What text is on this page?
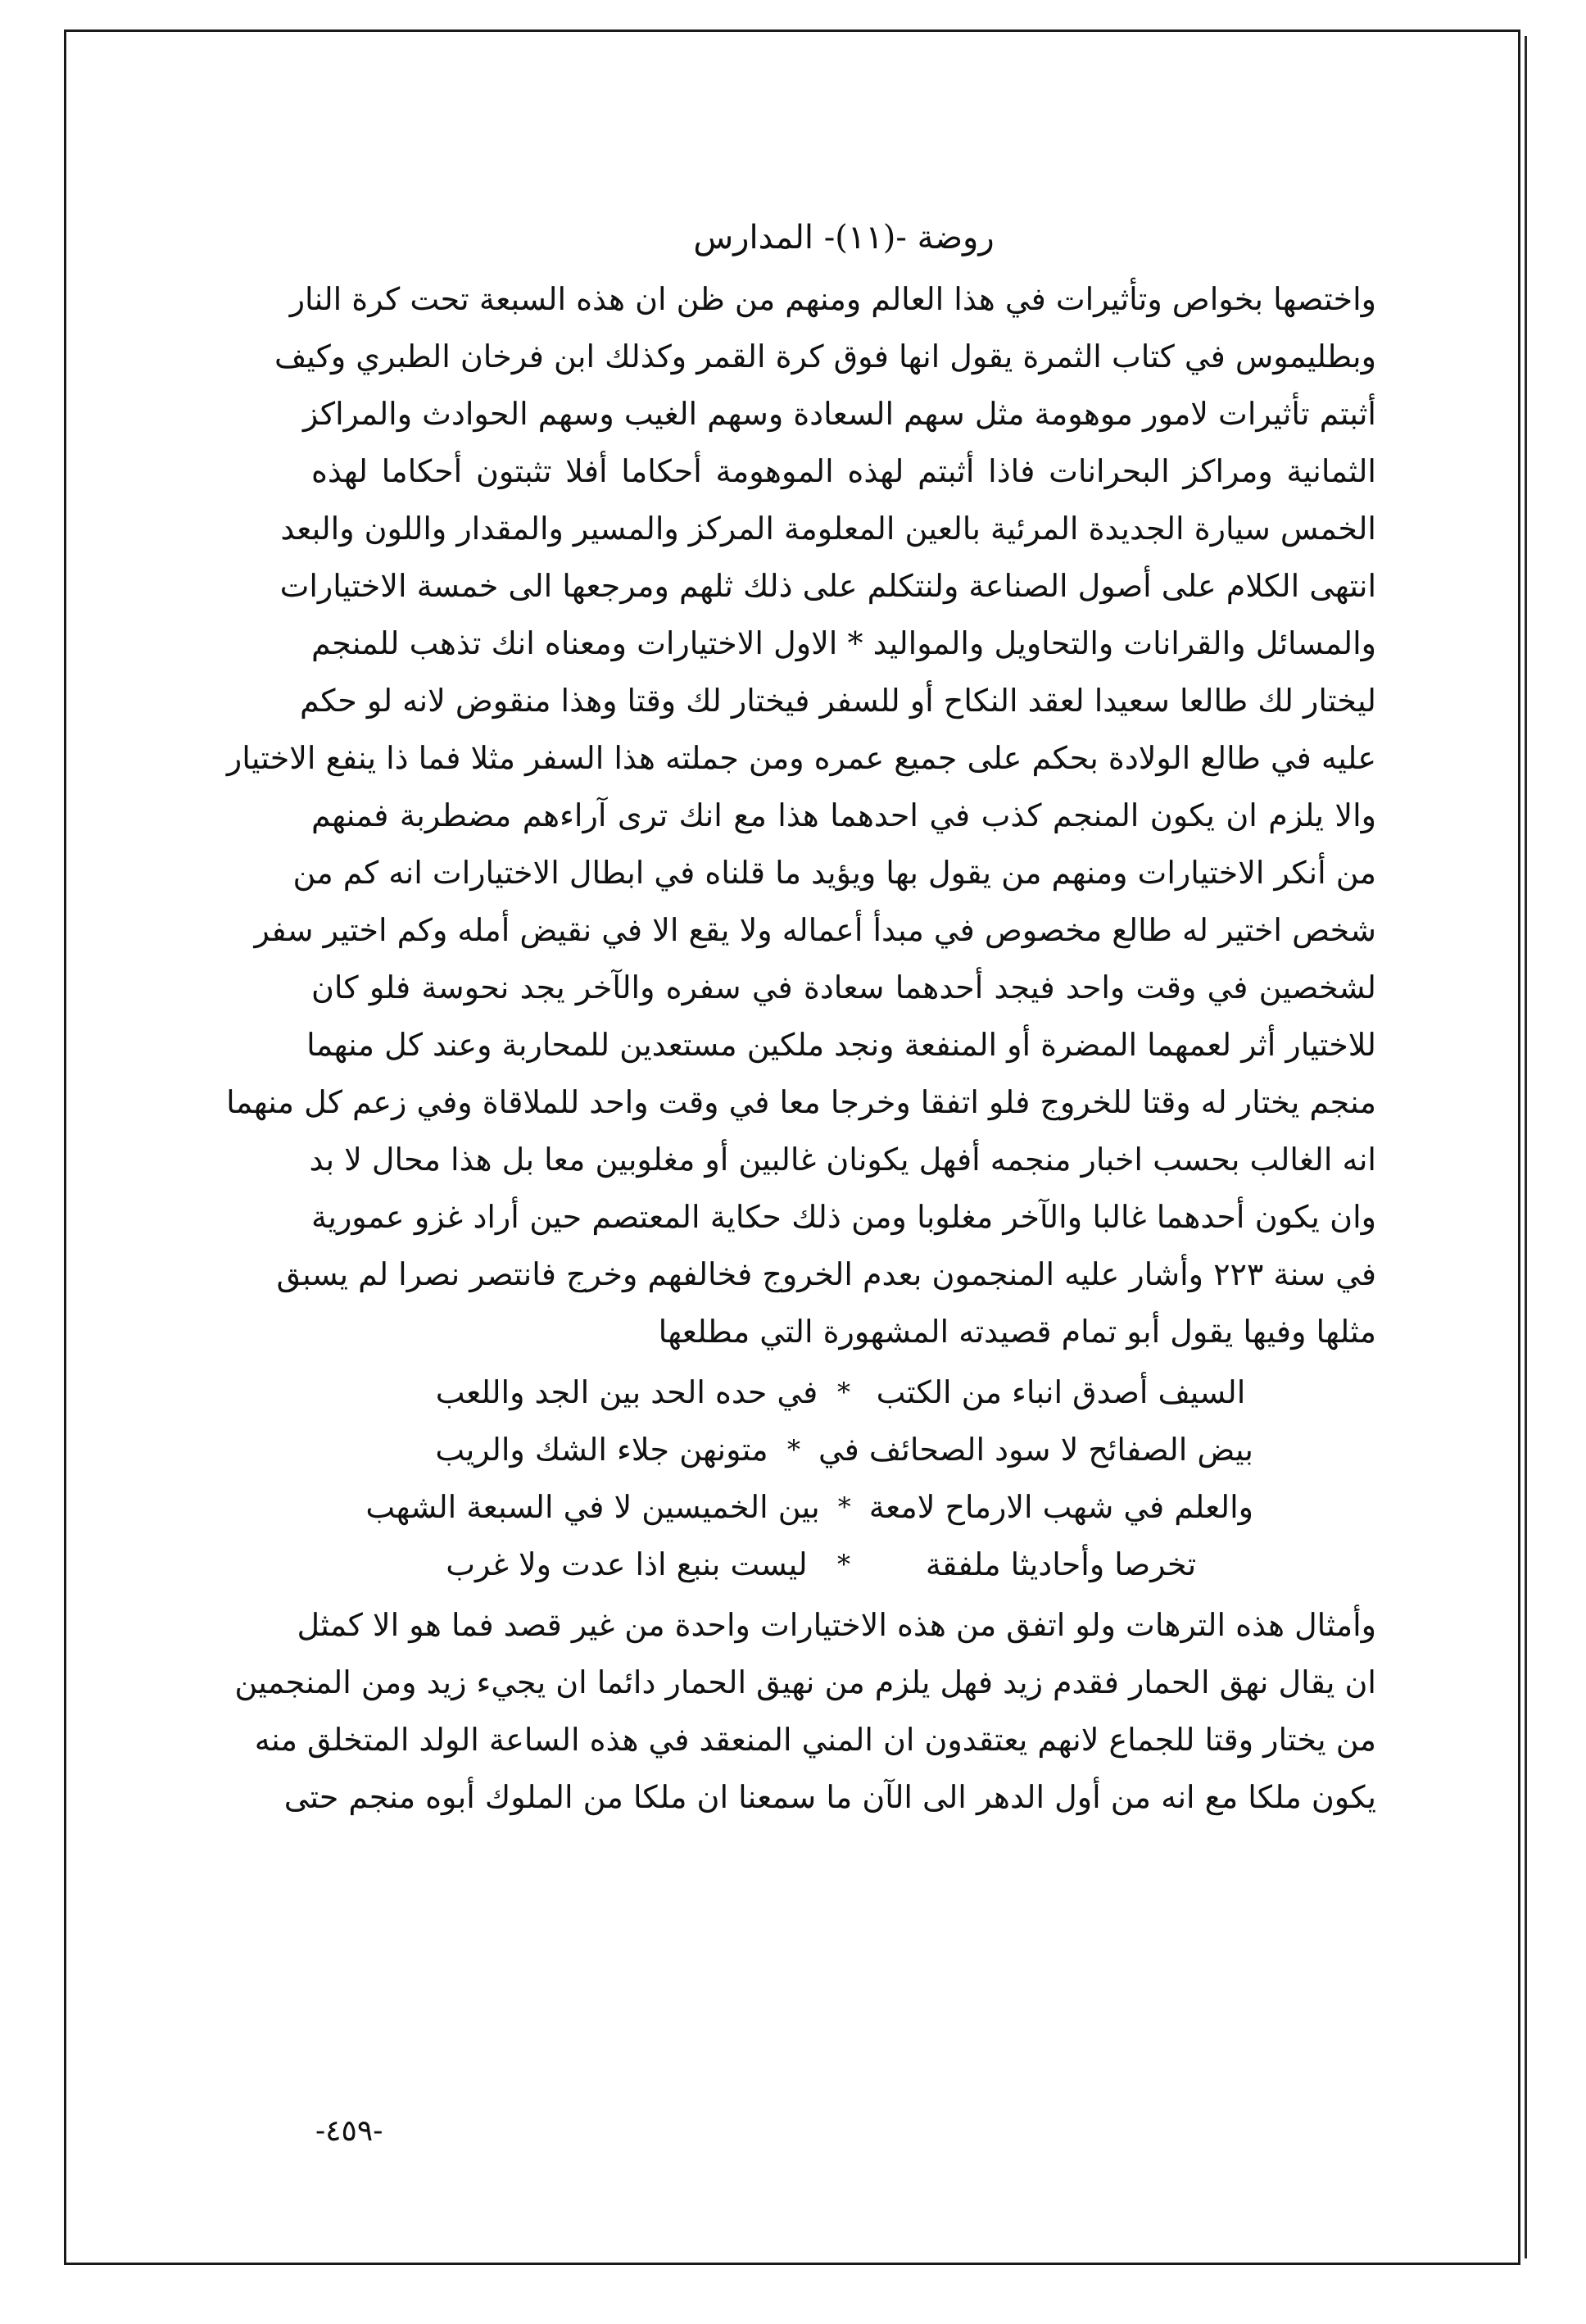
روضة -(١١)- المدارس
واختصها بخواص وتأثيرات في هذا العالم ومنهم من ظن ان هذه السبعة تحت كرة النار
وبطليموس في كتاب الثمرة يقول انها فوق كرة القمر وكذلك ابن فرخان الطبري وكيف
أثبتم تأثيرات لامور موهومة مثل سهم السعادة وسهم الغيب وسهم الحوادث والمراكز
الثمانية ومراكز البحرانات فاذا أثبتم لهذه الموهومة أحكاما أفلا تثبتون أحكاما لهذه
الخمس سيارة الجديدة المرئية بالعين المعلومة المركز والمسير والمقدار واللون والبعد
انتهى الكلام على أصول الصناعة ولنتكلم على ذلك ثلهم ومرجعها الى خمسة الاختيارات
والمسائل والقرانات والتحاويل والمواليد * الاول الاختيارات ومعناه انك تذهب للمنجم
ليختار لك طالعا سعيدا لعقد النكاح أو للسفر فيختار لك وقتا وهذا منقوض لانه لو حكم
عليه في طالع الولادة بحكم على جميع عمره ومن جملته هذا السفر مثلا فما ذا ينفع الاختيار
والا يلزم ان يكون المنجم كذب في احدهما هذا مع انك ترى آراءهم مضطربة فمنهم
من أنكر الاختيارات ومنهم من يقول بها ويؤيد ما قلناه في ابطال الاختيارات انه كم من
شخص اختير له طالع مخصوص في مبدأ أعماله ولا يقع الا في نقيض أمله وكم اختير سفر
لشخصين في وقت واحد فيجد أحدهما سعادة في سفره والآخر يجد نحوسة فلو كان
للاختيار أثر لعمهما المضرة أو المنفعة ونجد ملكين مستعدين للمحاربة وعند كل منهما
منجم يختار له وقتا للخروج فلو اتفقا وخرجا معا في وقت واحد للملاقاة وفي زعم كل منهما
انه الغالب بحسب اخبار منجمه أفهل يكونان غالبين أو مغلوبين معا بل هذا محال لا بد
وان يكون أحدهما غالبا والآخر مغلوبا ومن ذلك حكاية المعتصم حين أراد غزو عمورية
في سنة ٢٢٣ وأشار عليه المنجمون بعدم الخروج فخالفهم وخرج فانتصر نصرا لم يسبق
مثلها وفيها يقول أبو تمام قصيدته المشهورة التي مطلعها
السيف أصدق انباء من الكتب
*
في حده الحد بين الجد واللعب
بيض الصفائح لا سود الصحائف في
*
متونهن جلاء الشك والريب
والعلم في شهب الارماح لامعة
*
بين الخميسين لا في السبعة الشهب
تخرصا وأحاديثا ملفقة
*
ليست بنبع اذا عدت ولا غرب
وأمثال هذه الترهات ولو اتفق من هذه الاختيارات واحدة من غير قصد فما هو الا كمثل
ان يقال نهق الحمار فقدم زيد فهل يلزم من نهيق الحمار دائما ان يجيء زيد ومن المنجمين
من يختار وقتا للجماع لانهم يعتقدون ان المني المنعقد في هذه الساعة الولد المتخلق منه
يكون ملكا مع انه من أول الدهر الى الآن ما سمعنا ان ملكا من الملوك أبوه منجم حتى
-٤٥٩-
